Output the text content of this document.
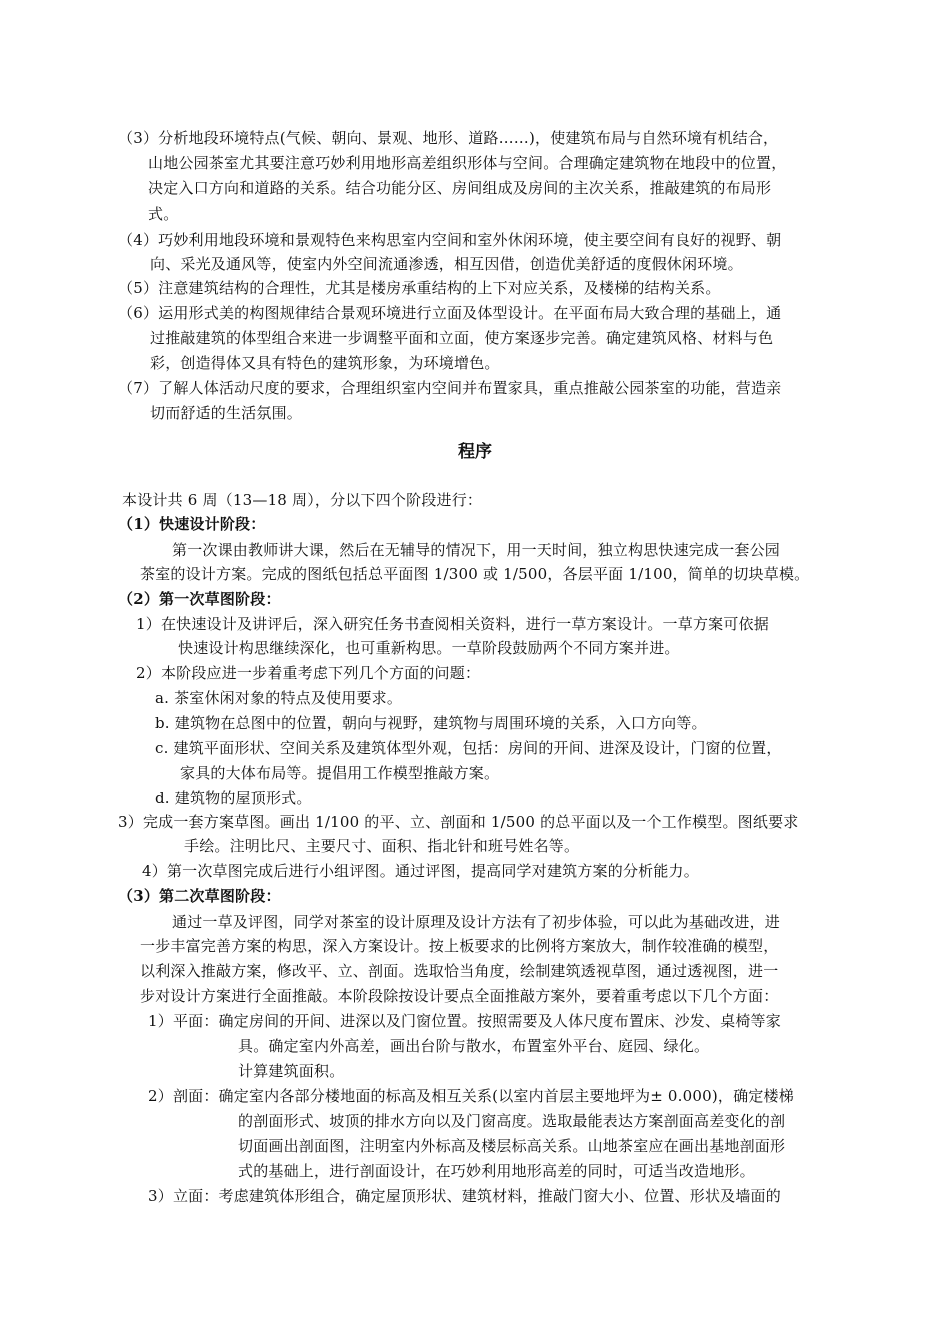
（3）分析地段环境特点(气候、朝向、景观、地形、道路……)，使建筑布局与自然环境有机结合，
山地公园茶室尤其要注意巧妙利用地形高差组织形体与空间。合理确定建筑物在地段中的位置，
决定入口方向和道路的关系。结合功能分区、房间组成及房间的主次关系，推敲建筑的布局形
式。
（4）巧妙利用地段环境和景观特色来构思室内空间和室外休闲环境，使主要空间有良好的视野、朝
向、采光及通风等，使室内外空间流通渗透，相互因借，创造优美舒适的度假休闲环境。
（5）注意建筑结构的合理性，尤其是楼房承重结构的上下对应关系，及楼梯的结构关系。
（6）运用形式美的构图规律结合景观环境进行立面及体型设计。在平面布局大致合理的基础上，通
过推敲建筑的体型组合来进一步调整平面和立面，使方案逐步完善。确定建筑风格、材料与色
彩，创造得体又具有特色的建筑形象，为环境增色。
（7）了解人体活动尺度的要求，合理组织室内空间并布置家具，重点推敲公园茶室的功能，营造亲
切而舒适的生活氛围。
程序
本设计共 6 周（13—18 周），分以下四个阶段进行：
（1）快速设计阶段：
第一次课由教师讲大课，然后在无辅导的情况下，用一天时间，独立构思快速完成一套公园
茶室的设计方案。完成的图纸包括总平面图 1/300 或 1/500，各层平面 1/100，简单的切块草模。
（2）第一次草图阶段：
1）在快速设计及讲评后，深入研究任务书查阅相关资料，进行一草方案设计。一草方案可依据
快速设计构思继续深化，也可重新构思。一草阶段鼓励两个不同方案并进。
2）本阶段应进一步着重考虑下列几个方面的问题：
a. 茶室休闲对象的特点及使用要求。
b. 建筑物在总图中的位置，朝向与视野，建筑物与周围环境的关系，入口方向等。
c. 建筑平面形状、空间关系及建筑体型外观，包括：房间的开间、进深及设计，门窗的位置，
家具的大体布局等。提倡用工作模型推敲方案。
d. 建筑物的屋顶形式。
3）完成一套方案草图。画出 1/100 的平、立、剖面和 1/500 的总平面以及一个工作模型。图纸要求
手绘。注明比尺、主要尺寸、面积、指北针和班号姓名等。
4）第一次草图完成后进行小组评图。通过评图，提高同学对建筑方案的分析能力。
（3）第二次草图阶段：
通过一草及评图，同学对茶室的设计原理及设计方法有了初步体验，可以此为基础改进，进
一步丰富完善方案的构思，深入方案设计。按上板要求的比例将方案放大，制作较准确的模型，
以利深入推敲方案，修改平、立、剖面。选取恰当角度，绘制建筑透视草图，通过透视图，进一
步对设计方案进行全面推敲。本阶段除按设计要点全面推敲方案外，要着重考虑以下几个方面：
1）平面：确定房间的开间、进深以及门窗位置。按照需要及人体尺度布置床、沙发、桌椅等家
具。确定室内外高差，画出台阶与散水，布置室外平台、庭园、绿化。
计算建筑面积。
2）剖面：确定室内各部分楼地面的标高及相互关系(以室内首层主要地坪为± 0.000)，确定楼梯
的剖面形式、坡顶的排水方向以及门窗高度。选取最能表达方案剖面高差变化的剖
切面画出剖面图，注明室内外标高及楼层标高关系。山地茶室应在画出基地剖面形
式的基础上，进行剖面设计，在巧妙利用地形高差的同时，可适当改造地形。
3）立面：考虑建筑体形组合，确定屋顶形状、建筑材料，推敲门窗大小、位置、形状及墙面的
